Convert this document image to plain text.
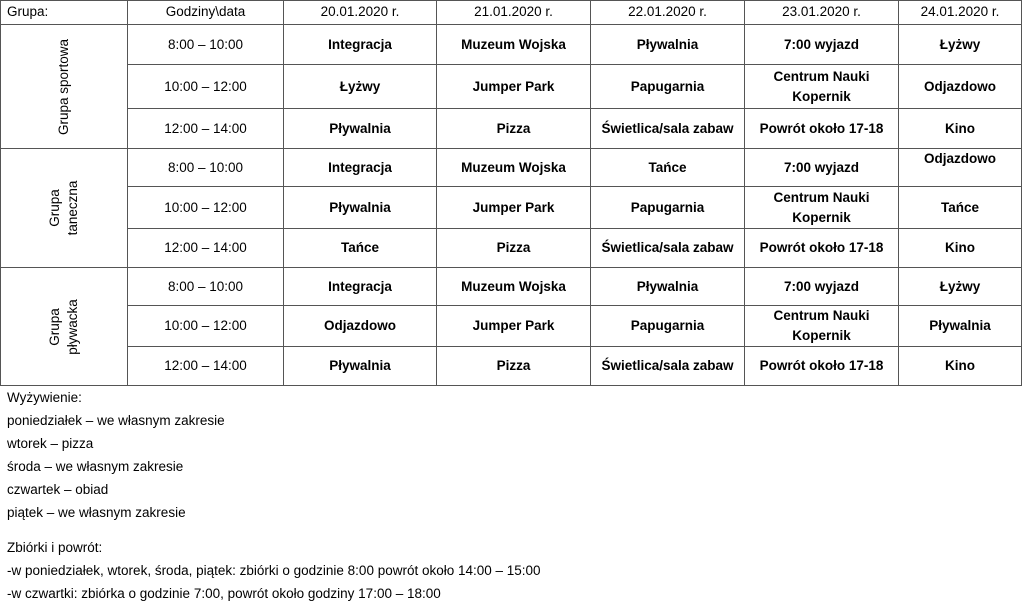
Grupa:	Godziny\data	20.01.2020 r.	21.01.2020 r.	22.01.2020 r.	23.01.2020 r.	24.01.2020 r.

Grupa sportowa	8:00 – 10:00	Integracja	Muzeum Wojska	Pływalnia	7:00 wyjazd	Łyżwy
	10:00 – 12:00	Łyżwy	Jumper Park	Papugarnia	Centrum Nauki Kopernik	Odjazdowo
	12:00 – 14:00	Pływalnia	Pizza	Świetlica/sala zabaw	Powrót około 17-18	Kino

Grupa taneczna	8:00 – 10:00	Integracja	Muzeum Wojska	Tańce	7:00 wyjazd	Odjazdowo
	10:00 – 12:00	Pływalnia	Jumper Park	Papugarnia	Centrum Nauki Kopernik	Tańce
	12:00 – 14:00	Tańce	Pizza	Świetlica/sala zabaw	Powrót około 17-18	Kino

Grupa pływacka	8:00 – 10:00	Integracja	Muzeum Wojska	Pływalnia	7:00 wyjazd	Łyżwy
	10:00 – 12:00	Odjazdowo	Jumper Park	Papugarnia	Centrum Nauki Kopernik	Pływalnia
	12:00 – 14:00	Pływalnia	Pizza	Świetlica/sala zabaw	Powrót około 17-18	Kino
Wyżywienie:
poniedziałek – we własnym zakresie
wtorek – pizza
środa – we własnym zakresie
czwartek – obiad
piątek – we własnym zakresie
Zbiórki i powrót:
-w poniedziałek, wtorek, środa, piątek: zbiórki o godzinie 8:00 powrót około 14:00 – 15:00
-w czwartki: zbiórka o godzinie 7:00, powrót około godziny 17:00 – 18:00
